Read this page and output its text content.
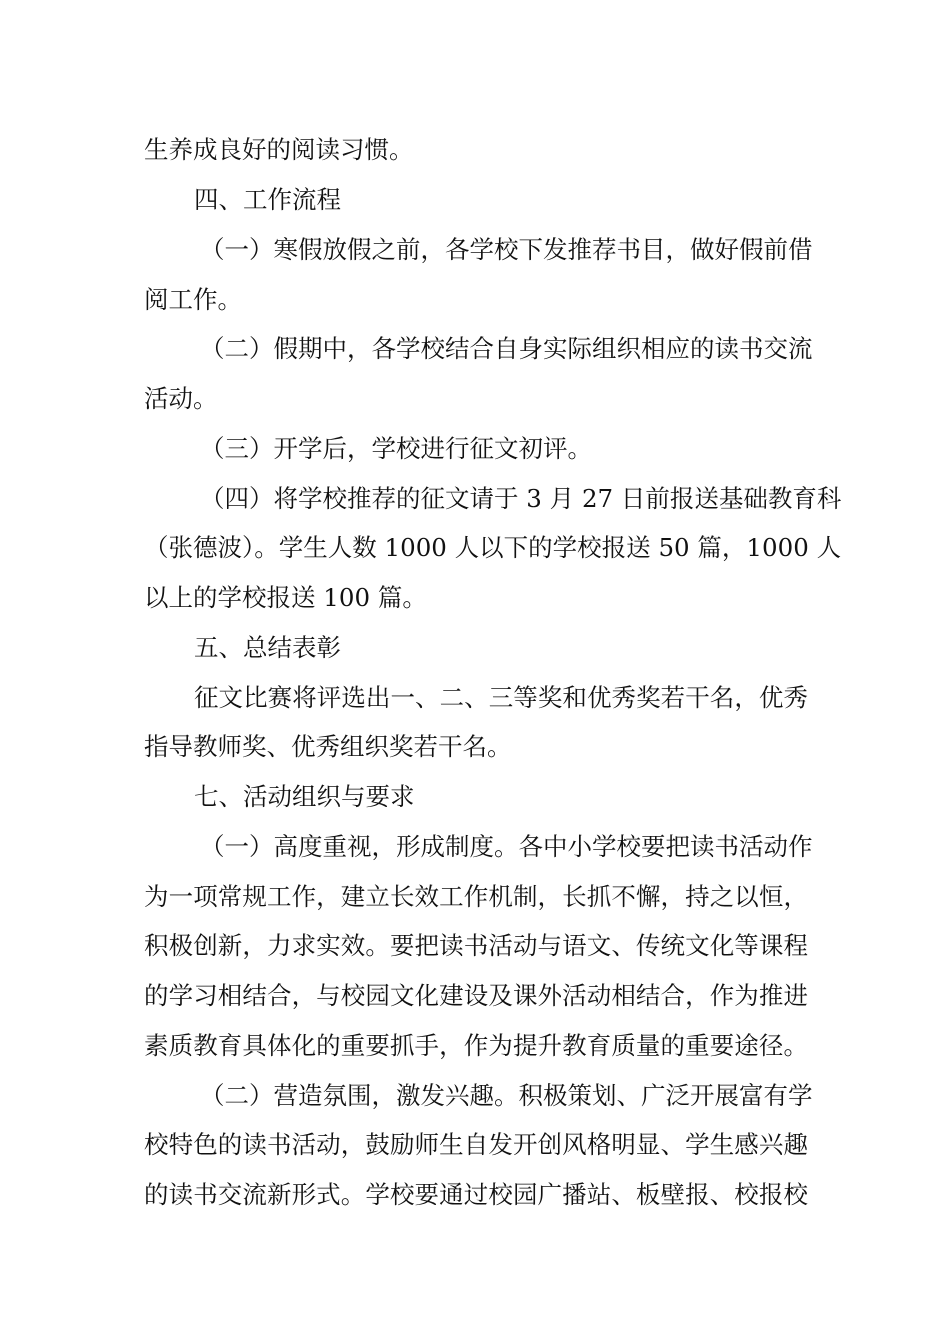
生养成良好的阅读习惯。
四、工作流程
（一）寒假放假之前，各学校下发推荐书目，做好假前借
阅工作。
（二）假期中，各学校结合自身实际组织相应的读书交流
活动。
（三）开学后，学校进行征文初评。
（四）将学校推荐的征文请于 3 月 27 日前报送基础教育科
（张德波）。学生人数 1000 人以下的学校报送 50 篇，1000 人
以上的学校报送 100 篇。
五、总结表彰
征文比赛将评选出一、二、三等奖和优秀奖若干名，优秀
指导教师奖、优秀组织奖若干名。
七、活动组织与要求
（一）高度重视，形成制度。各中小学校要把读书活动作
为一项常规工作，建立长效工作机制，长抓不懈，持之以恒，
积极创新，力求实效。要把读书活动与语文、传统文化等课程
的学习相结合，与校园文化建设及课外活动相结合，作为推进
素质教育具体化的重要抓手，作为提升教育质量的重要途径。
（二）营造氛围，激发兴趣。积极策划、广泛开展富有学
校特色的读书活动，鼓励师生自发开创风格明显、学生感兴趣
的读书交流新形式。学校要通过校园广播站、板壁报、校报校
